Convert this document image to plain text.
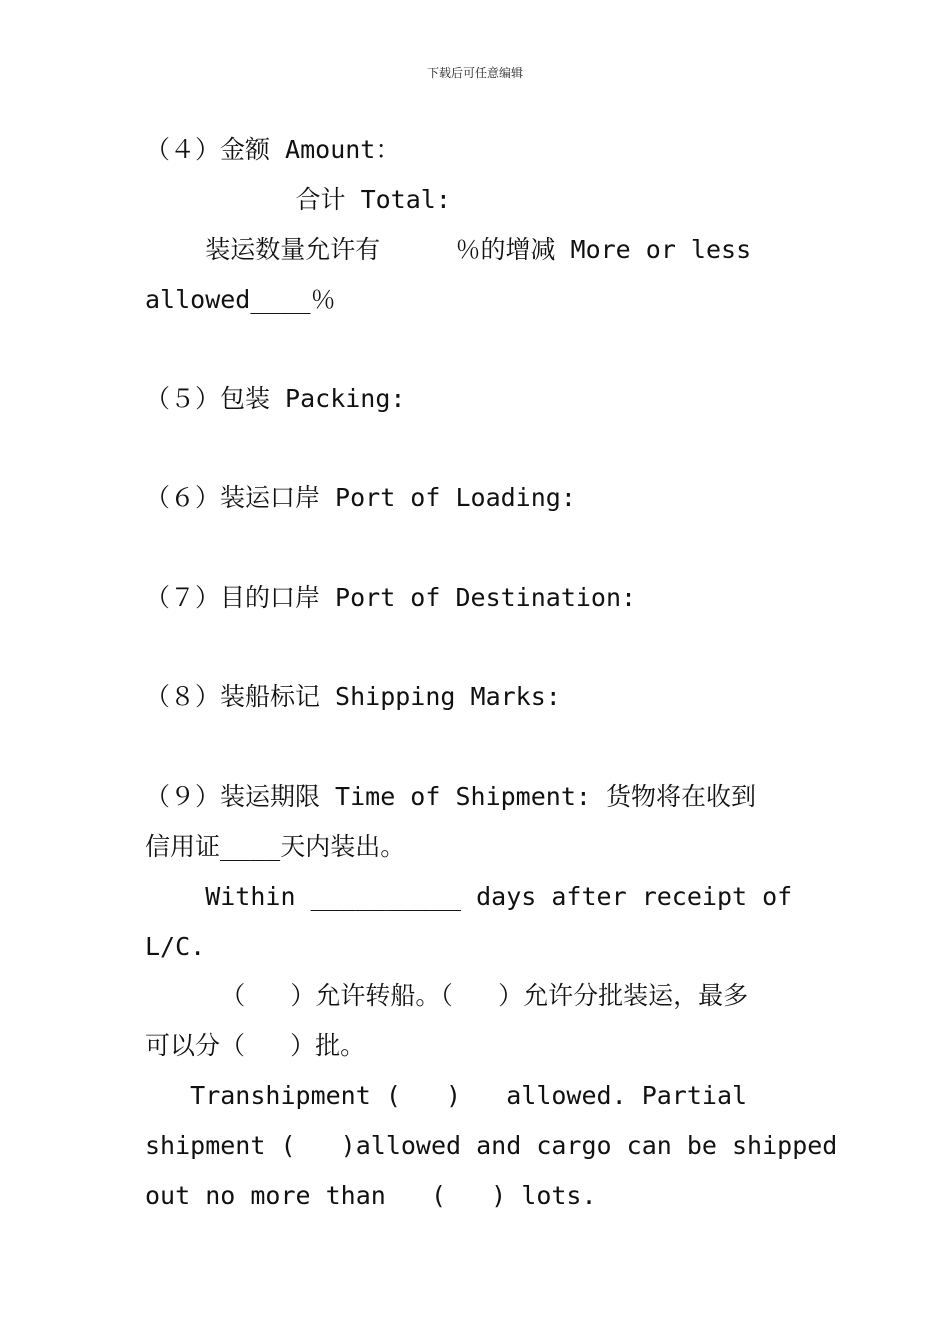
下载后可任意编辑
（４）金额 Amount：
合计 Total:
装运数量允许有     ％的增减 More or less
allowed____％
（５）包装 Packing:
（６）装运口岸 Port of Loading:
（７）目的口岸 Port of Destination:
（８）装船标记 Shipping Marks:
（９）装运期限 Time of Shipment: 货物将在收到
信用证____天内装出。
Within __________ days after receipt of
L/C.
（   ）允许转船。（   ）允许分批装运，最多
可以分（   ）批。
Transhipment (   )   allowed. Partial
shipment (   )allowed and cargo can be shipped
out no more than   (   ) lots.
